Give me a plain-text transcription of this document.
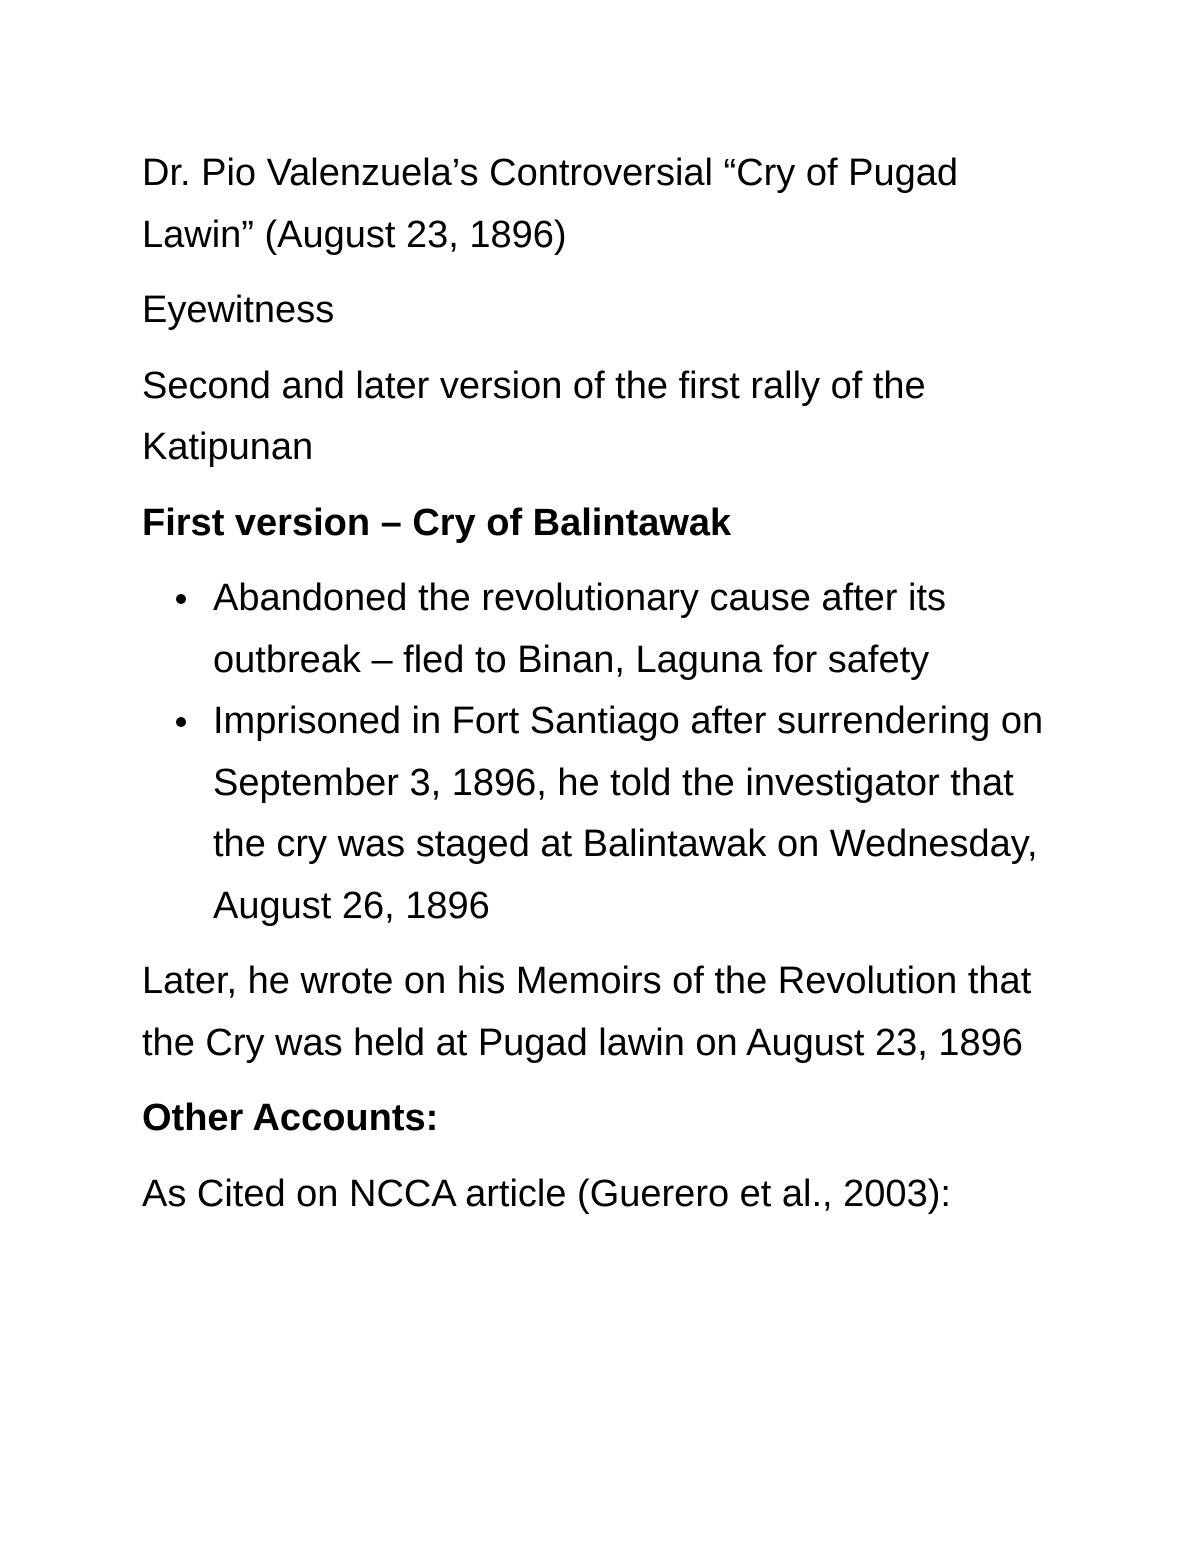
Dr. Pio Valenzuela’s Controversial “Cry of Pugad Lawin” (August 23, 1896)

Eyewitness

Second and later version of the first rally of the Katipunan

First version – Cry of Balintawak

Abandoned the revolutionary cause after its outbreak – fled to Binan, Laguna for safety
Imprisoned in Fort Santiago after surrendering on September 3, 1896, he told the investigator that the cry was staged at Balintawak on Wednesday, August 26, 1896

Later, he wrote on his Memoirs of the Revolution that the Cry was held at Pugad lawin on August 23, 1896

Other Accounts:

As Cited on NCCA article (Guerero et al., 2003):
